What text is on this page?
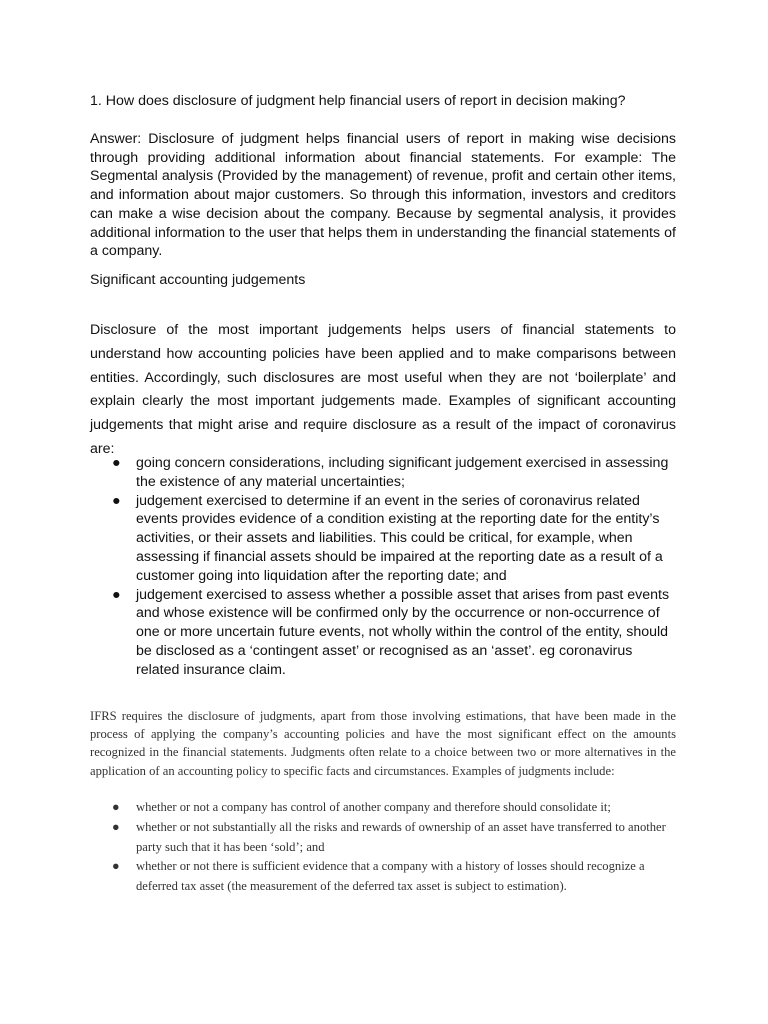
1. How does disclosure of judgment help financial users of report in decision making?

Answer: Disclosure of judgment helps financial users of report in making wise decisions through providing additional information about financial statements. For example: The Segmental analysis (Provided by the management) of revenue, profit and certain other items, and information about major customers. So through this information, investors and creditors can make a wise decision about the company. Because by segmental analysis, it provides additional information to the user that helps them in understanding the financial statements of a company.

Significant accounting judgements

Disclosure of the most important judgements helps users of financial statements to understand how accounting policies have been applied and to make comparisons between entities. Accordingly, such disclosures are most useful when they are not ‘boilerplate’ and explain clearly the most important judgements made. Examples of significant accounting judgements that might arise and require disclosure as a result of the impact of coronavirus are:

● going concern considerations, including significant judgement exercised in assessing the existence of any material uncertainties;
● judgement exercised to determine if an event in the series of coronavirus related events provides evidence of a condition existing at the reporting date for the entity’s activities, or their assets and liabilities. This could be critical, for example, when assessing if financial assets should be impaired at the reporting date as a result of a customer going into liquidation after the reporting date; and
● judgement exercised to assess whether a possible asset that arises from past events and whose existence will be confirmed only by the occurrence or non-occurrence of one or more uncertain future events, not wholly within the control of the entity, should be disclosed as a ‘contingent asset’ or recognised as an ‘asset’. eg coronavirus related insurance claim.

IFRS requires the disclosure of judgments, apart from those involving estimations, that have been made in the process of applying the company’s accounting policies and have the most significant effect on the amounts recognized in the financial statements. Judgments often relate to a choice between two or more alternatives in the application of an accounting policy to specific facts and circumstances. Examples of judgments include:

● whether or not a company has control of another company and therefore should consolidate it;
● whether or not substantially all the risks and rewards of ownership of an asset have transferred to another party such that it has been ‘sold’; and
● whether or not there is sufficient evidence that a company with a history of losses should recognize a deferred tax asset (the measurement of the deferred tax asset is subject to estimation).
